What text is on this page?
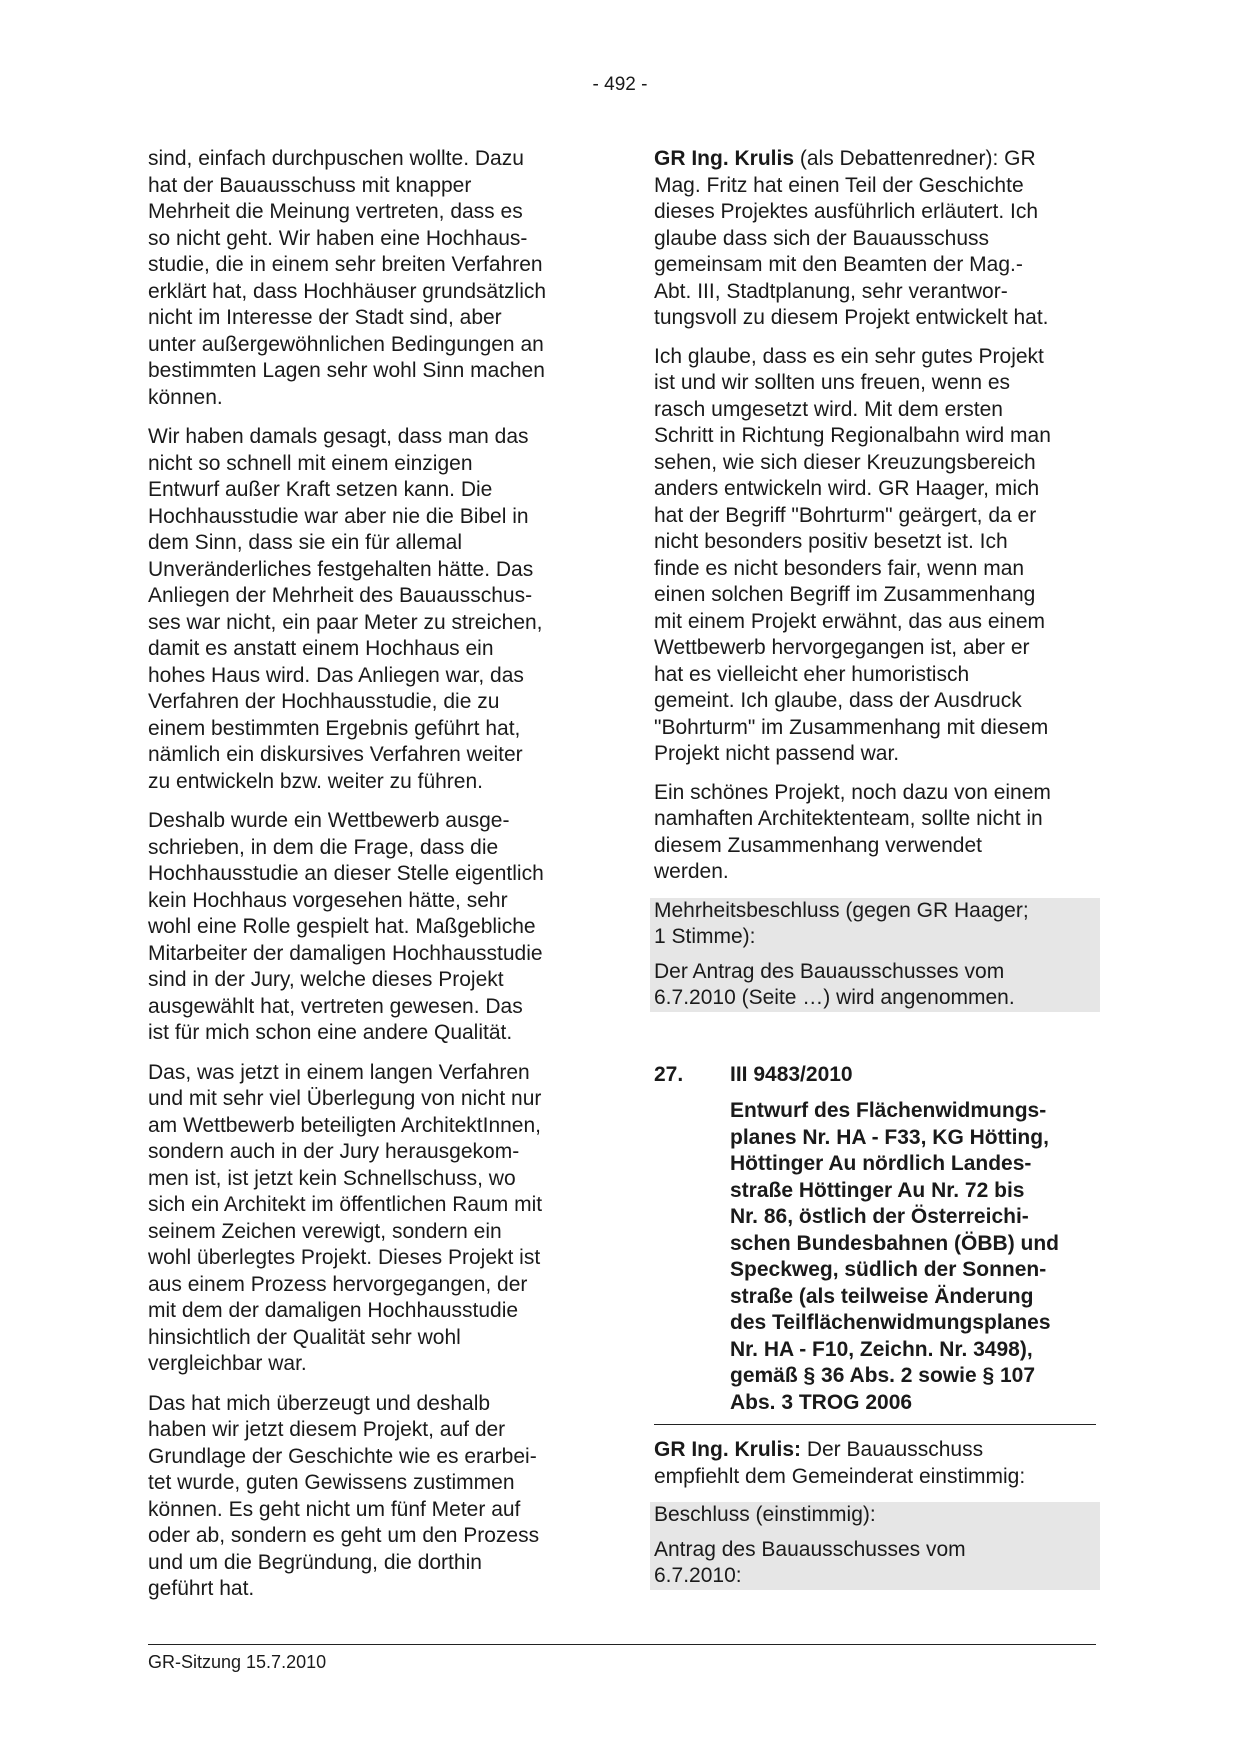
- 492 -

sind, einfach durchpuschen wollte. Dazu
hat der Bauausschuss mit knapper
Mehrheit die Meinung vertreten, dass es
so nicht geht. Wir haben eine Hochhaus-
studie, die in einem sehr breiten Verfahren
erklärt hat, dass Hochhäuser grundsätzlich
nicht im Interesse der Stadt sind, aber
unter außergewöhnlichen Bedingungen an
bestimmten Lagen sehr wohl Sinn machen
können.

Wir haben damals gesagt, dass man das
nicht so schnell mit einem einzigen
Entwurf außer Kraft setzen kann. Die
Hochhausstudie war aber nie die Bibel in
dem Sinn, dass sie ein für allemal
Unveränderliches festgehalten hätte. Das
Anliegen der Mehrheit des Bauausschus-
ses war nicht, ein paar Meter zu streichen,
damit es anstatt einem Hochhaus ein
hohes Haus wird. Das Anliegen war, das
Verfahren der Hochhausstudie, die zu
einem bestimmten Ergebnis geführt hat,
nämlich ein diskursives Verfahren weiter
zu entwickeln bzw. weiter zu führen.

Deshalb wurde ein Wettbewerb ausge-
schrieben, in dem die Frage, dass die
Hochhausstudie an dieser Stelle eigentlich
kein Hochhaus vorgesehen hätte, sehr
wohl eine Rolle gespielt hat. Maßgebliche
Mitarbeiter der damaligen Hochhausstudie
sind in der Jury, welche dieses Projekt
ausgewählt hat, vertreten gewesen. Das
ist für mich schon eine andere Qualität.

Das, was jetzt in einem langen Verfahren
und mit sehr viel Überlegung von nicht nur
am Wettbewerb beteiligten ArchitektInnen,
sondern auch in der Jury herausgekom-
men ist, ist jetzt kein Schnellschuss, wo
sich ein Architekt im öffentlichen Raum mit
seinem Zeichen verewigt, sondern ein
wohl überlegtes Projekt. Dieses Projekt ist
aus einem Prozess hervorgegangen, der
mit dem der damaligen Hochhausstudie
hinsichtlich der Qualität sehr wohl
vergleichbar war.

Das hat mich überzeugt und deshalb
haben wir jetzt diesem Projekt, auf der
Grundlage der Geschichte wie es erarbei-
tet wurde, guten Gewissens zustimmen
können. Es geht nicht um fünf Meter auf
oder ab, sondern es geht um den Prozess
und um die Begründung, die dorthin
geführt hat.

GR Ing. Krulis (als Debattenredner): GR
Mag. Fritz hat einen Teil der Geschichte
dieses Projektes ausführlich erläutert. Ich
glaube dass sich der Bauausschuss
gemeinsam mit den Beamten der Mag.-
Abt. III, Stadtplanung, sehr verantwor-
tungsvoll zu diesem Projekt entwickelt hat.

Ich glaube, dass es ein sehr gutes Projekt
ist und wir sollten uns freuen, wenn es
rasch umgesetzt wird. Mit dem ersten
Schritt in Richtung Regionalbahn wird man
sehen, wie sich dieser Kreuzungsbereich
anders entwickeln wird. GR Haager, mich
hat der Begriff "Bohrturm" geärgert, da er
nicht besonders positiv besetzt ist. Ich
finde es nicht besonders fair, wenn man
einen solchen Begriff im Zusammenhang
mit einem Projekt erwähnt, das aus einem
Wettbewerb hervorgegangen ist, aber er
hat es vielleicht eher humoristisch
gemeint. Ich glaube, dass der Ausdruck
"Bohrturm" im Zusammenhang mit diesem
Projekt nicht passend war.

Ein schönes Projekt, noch dazu von einem
namhaften Architektenteam, sollte nicht in
diesem Zusammenhang verwendet
werden.

Mehrheitsbeschluss (gegen GR Haager;
1 Stimme):

Der Antrag des Bauausschusses vom
6.7.2010 (Seite …) wird angenommen.

27.	III 9483/2010
Entwurf des Flächenwidmungs-
planes Nr. HA - F33, KG Hötting,
Höttinger Au nördlich Landes-
straße Höttinger Au Nr. 72 bis
Nr. 86, östlich der Österreichi-
schen Bundesbahnen (ÖBB) und
Speckweg, südlich der Sonnen-
straße (als teilweise Änderung
des Teilflächenwidmungsplanes
Nr. HA - F10, Zeichn. Nr. 3498),
gemäß § 36 Abs. 2 sowie § 107
Abs. 3 TROG 2006

GR Ing. Krulis: Der Bauausschuss
empfiehlt dem Gemeinderat einstimmig:

Beschluss (einstimmig):

Antrag des Bauausschusses vom
6.7.2010:

GR-Sitzung 15.7.2010
